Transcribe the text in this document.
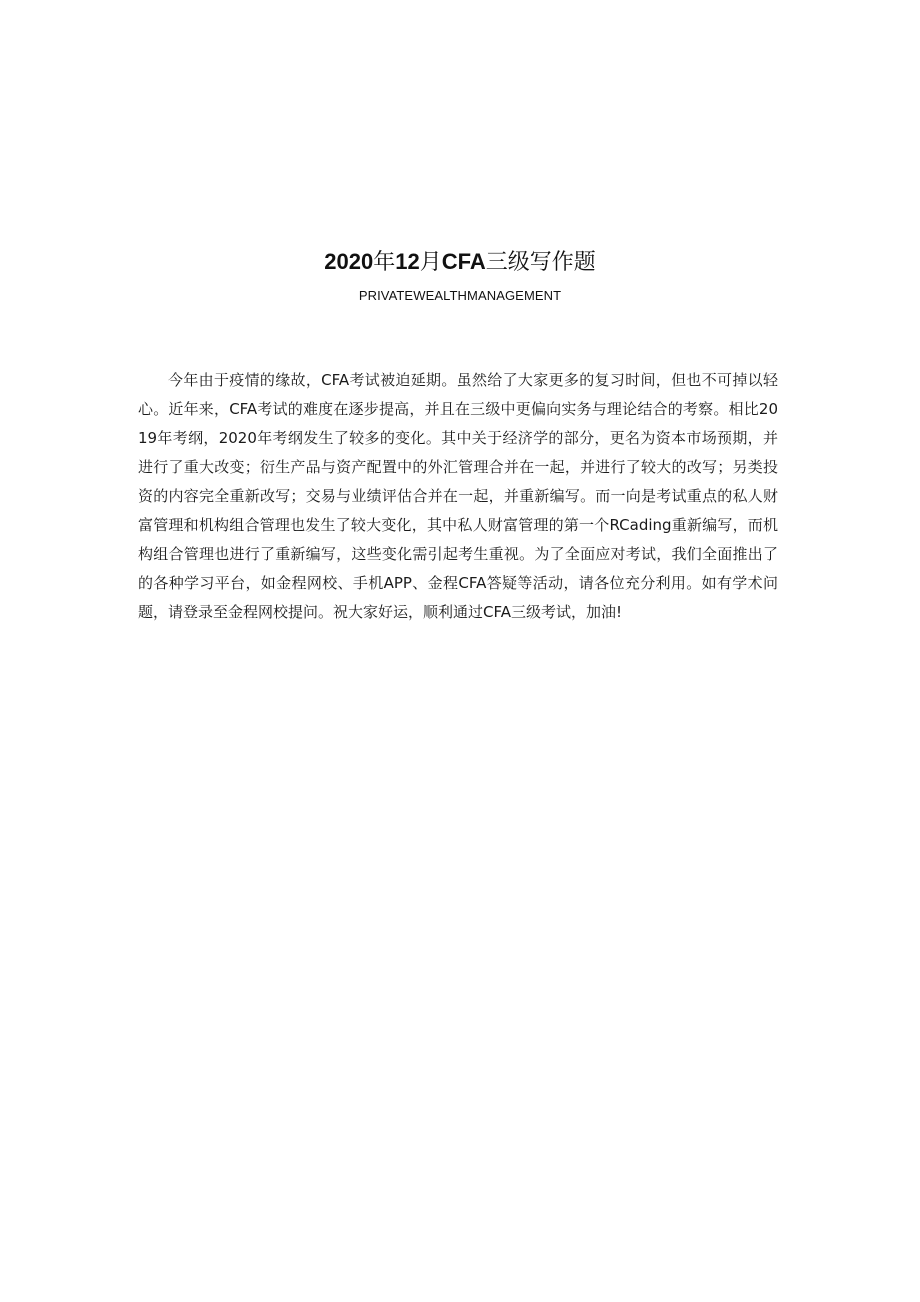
2020年12月CFA三级写作题

PRIVATEWEALTHMANAGEMENT

今年由于疫情的缘故，CFA考试被迫延期。虽然给了大家更多的复习时间，但也不可掉以轻心。近年来，CFA考试的难度在逐步提高，并且在三级中更偏向实务与理论结合的考察。相比2019年考纲，2020年考纲发生了较多的变化。其中关于经济学的部分，更名为资本市场预期，并进行了重大改变；衍生产品与资产配置中的外汇管理合并在一起，并进行了较大的改写；另类投资的内容完全重新改写；交易与业绩评估合并在一起，并重新编写。而一向是考试重点的私人财富管理和机构组合管理也发生了较大变化，其中私人财富管理的第一个RCading重新编写，而机构组合管理也进行了重新编写，这些变化需引起考生重视。为了全面应对考试，我们全面推出了的各种学习平台，如金程网校、手机APP、金程CFA答疑等活动，请各位充分利用。如有学术问题，请登录至金程网校提问。祝大家好运，顺利通过CFA三级考试，加油!
